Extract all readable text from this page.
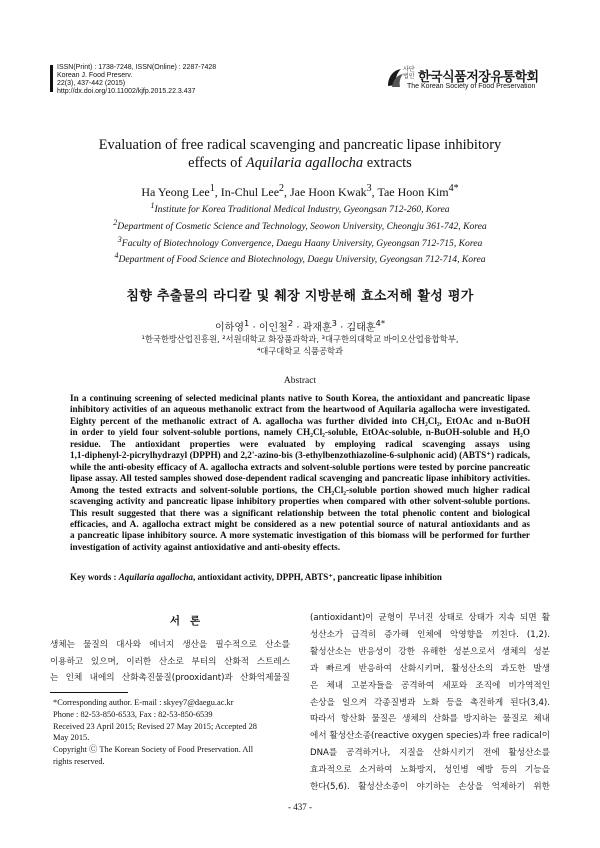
ISSN(Print) : 1738-7248, ISSN(Online) : 2287-7428
Korean J. Food Preserv.
22(3), 437-442 (2015)
http://dx.doi.org/10.11002/kjfp.2015.22.3.437
사단
법인 한국식품저장유통학회
The Korean Society of Food Preservation
Evaluation of free radical scavenging and pancreatic lipase inhibitory
effects of Aquilaria agallocha extracts
Ha Yeong Lee$^1$, In-Chul Lee$^2$, Jae Hoon Kwak$^3$, Tae Hoon Kim$^{4*}$
$^1$Institute for Korea Traditional Medical Industry, Gyeongsan 712-260, Korea
$^2$Department of Cosmetic Science and Technology, Seowon University, Cheongju 361-742, Korea
$^3$Faculty of Biotechnology Convergence, Daegu Haany University, Gyeongsan 712-715, Korea
$^4$Department of Food Science and Biotechnology, Daegu University, Gyeongsan 712-714, Korea
침향 추출물의 라디칼 및 췌장 지방분해 효소저해 활성 평가
이하영$^1$ · 이인철$^2$ · 곽재훈$^3$ · 김태훈$^{4*}$
¹한국한방산업진흥원, ²서원대학교 화장품과학과, ³대구한의대학교 바이오산업융합학부,
⁴대구대학교 식품공학과
Abstract
In a continuing screening of selected medicinal plants native to South Korea, the antioxidant and pancreatic lipase
inhibitory activities of an aqueous methanolic extract from the heartwood of Aquilaria agallocha were investigated.
Eighty percent of the methanolic extract of A. agallocha was further divided into CH₂Cl₂, EtOAc and n-BuOH
in order to yield four solvent-soluble portions, namely CH₂Cl₂-soluble, EtOAc-soluble, n-BuOH-soluble and H₂O
residue. The antioxidant properties were evaluated by employing radical scavenging assays using
1,1-diphenyl-2-picrylhydrazyl (DPPH) and 2,2'-azino-bis (3-ethylbenzothiazoline-6-sulphonic acid) (ABTS⁺) radicals,
while the anti-obesity efficacy of A. agallocha extracts and solvent-soluble portions were tested by porcine pancreatic
lipase assay. All tested samples showed dose-dependent radical scavenging and pancreatic lipase inhibitory activities.
Among the tested extracts and solvent-soluble portions, the CH₂Cl₂-soluble portion showed much higher radical
scavenging activity and pancreatic lipase inhibitory properties when compared with other solvent-soluble portions.
This result suggested that there was a significant relationship between the total phenolic content and biological
efficacies, and A. agallocha extract might be considered as a new potential source of natural antioxidants and as
a pancreatic lipase inhibitory source. A more systematic investigation of this biomass will be performed for further
investigation of activity against antioxidative and anti-obesity effects.
Key words : Aquilaria agallocha, antioxidant activity, DPPH, ABTS⁺, pancreatic lipase inhibition
서론
생체는 물질의 대사와 에너지 생산을 필수적으로 산소를
이용하고 있으며, 이러한 산소로 부터의 산화적 스트레스
는 인체 내에의 산화촉진물질(prooxidant)과 산화억제물질
*Corresponding author. E-mail : skyey7@daegu.ac.kr
Phone : 82-53-850-6533, Fax : 82-53-850-6539
Received 23 April 2015; Revised 27 May 2015; Accepted 28
May 2015.
Copyright Ⓒ The Korean Society of Food Preservation. All
rights reserved.
(antioxidant)이 균형이 무너진 상태로 상태가 지속 되면 활
성산소가 급격히 증가해 인체에 악영향을 끼친다. (1,2).
활성산소는 반응성이 강한 유해한 성분으로서 생체의 성분
과 빠르게 반응하여 산화시키며, 활성산소의 과도한 발생
은 체내 고분자들을 공격하여 세포와 조직에 비가역적인
손상을 일으켜 각종질병과 노화 등을 촉진하게 된다(3,4).
따라서 항산화 물질은 생체의 산화를 방지하는 물질로 체내
에서 활성산소종(reactive oxygen species)과 free radical이
DNA를 공격하거나, 지질을 산화시키기 전에 활성산소를
효과적으로 소거하여 노화방지, 성인병 예방 등의 기능을
한다(5,6). 활성산소종이 야기하는 손상을 억제하기 위한
- 437 -
